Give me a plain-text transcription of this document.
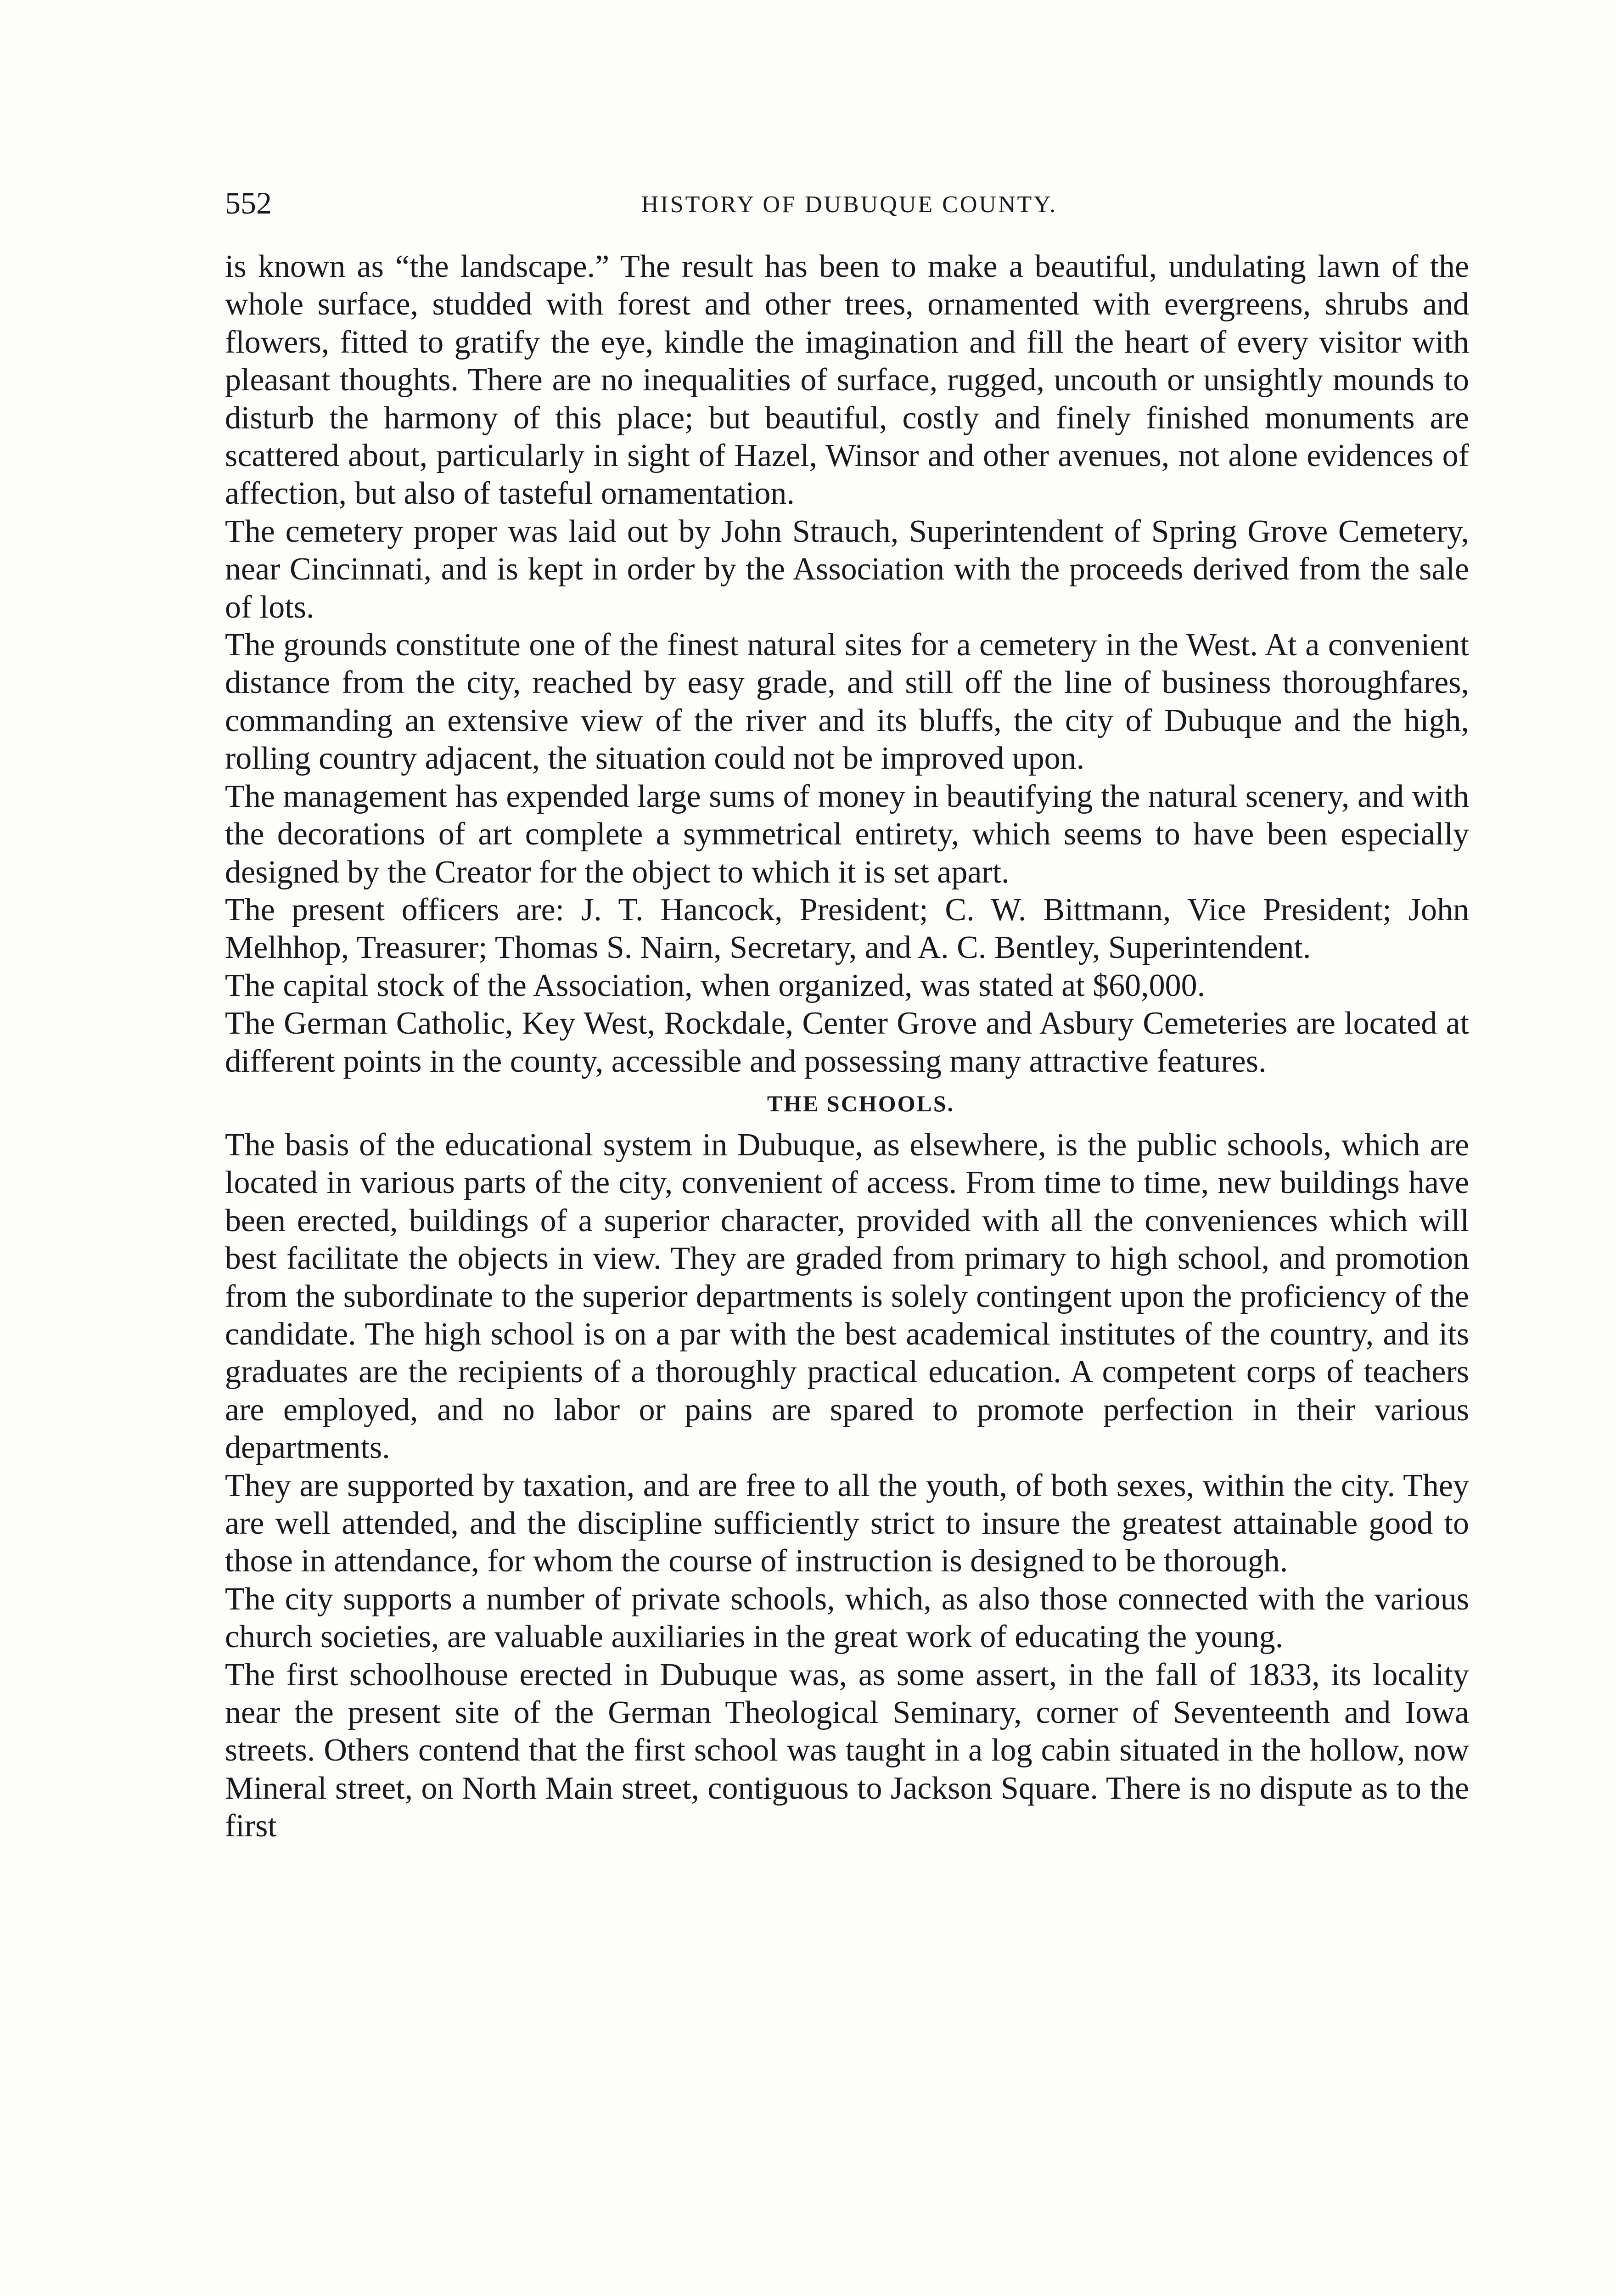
552	HISTORY OF DUBUQUE COUNTY.

is known as “the landscape.” The result has been to make a beautiful, undulating lawn of the whole surface, studded with forest and other trees, ornamented with evergreens, shrubs and flowers, fitted to gratify the eye, kindle the imagination and fill the heart of every visitor with pleasant thoughts. There are no inequalities of surface, rugged, uncouth or unsightly mounds to disturb the harmony of this place; but beautiful, costly and finely finished monuments are scattered about, particularly in sight of Hazel, Winsor and other avenues, not alone evidences of affection, but also of tasteful ornamentation.

The cemetery proper was laid out by John Strauch, Superintendent of Spring Grove Cemetery, near Cincinnati, and is kept in order by the Association with the proceeds derived from the sale of lots.

The grounds constitute one of the finest natural sites for a cemetery in the West. At a convenient distance from the city, reached by easy grade, and still off the line of business thoroughfares, commanding an extensive view of the river and its bluffs, the city of Dubuque and the high, rolling country adjacent, the situation could not be improved upon.

The management has expended large sums of money in beautifying the natural scenery, and with the decorations of art complete a symmetrical entirety, which seems to have been especially designed by the Creator for the object to which it is set apart.

The present officers are: J. T. Hancock, President; C. W. Bittmann, Vice President; John Melhhop, Treasurer; Thomas S. Nairn, Secretary, and A. C. Bentley, Superintendent.

The capital stock of the Association, when organized, was stated at $60,000.

The German Catholic, Key West, Rockdale, Center Grove and Asbury Cemeteries are located at different points in the county, accessible and possessing many attractive features.

THE SCHOOLS.

The basis of the educational system in Dubuque, as elsewhere, is the public schools, which are located in various parts of the city, convenient of access. From time to time, new buildings have been erected, buildings of a superior character, provided with all the conveniences which will best facilitate the objects in view. They are graded from primary to high school, and promotion from the subordinate to the superior departments is solely contingent upon the proficiency of the candidate. The high school is on a par with the best academical institutes of the country, and its graduates are the recipients of a thoroughly practical education. A competent corps of teachers are employed, and no labor or pains are spared to promote perfection in their various departments.

They are supported by taxation, and are free to all the youth, of both sexes, within the city. They are well attended, and the discipline sufficiently strict to insure the greatest attainable good to those in attendance, for whom the course of instruction is designed to be thorough.

The city supports a number of private schools, which, as also those connected with the various church societies, are valuable auxiliaries in the great work of educating the young.

The first schoolhouse erected in Dubuque was, as some assert, in the fall of 1833, its locality near the present site of the German Theological Seminary, corner of Seventeenth and Iowa streets. Others contend that the first school was taught in a log cabin situated in the hollow, now Mineral street, on North Main street, contiguous to Jackson Square. There is no dispute as to the first
